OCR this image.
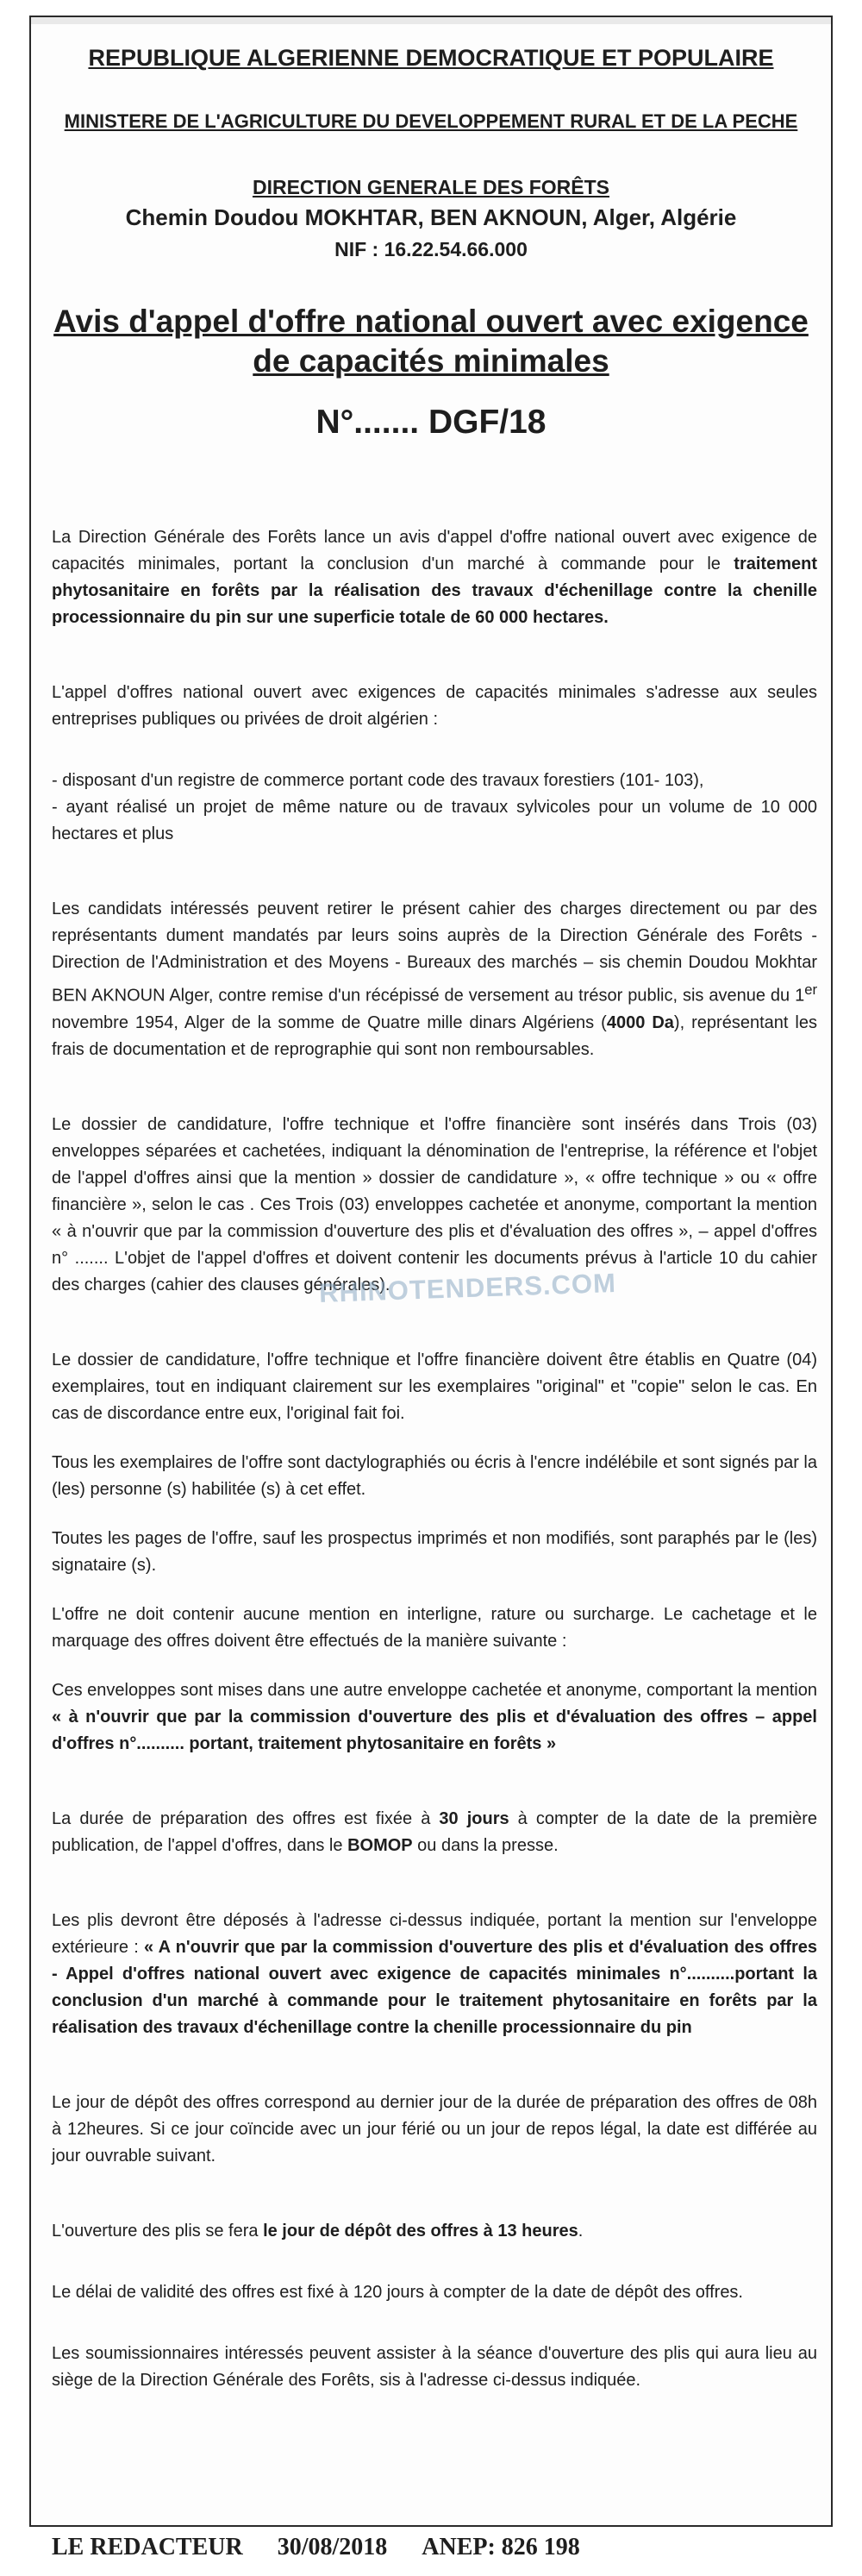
REPUBLIQUE ALGERIENNE DEMOCRATIQUE ET POPULAIRE
MINISTERE DE L'AGRICULTURE DU DEVELOPPEMENT RURAL ET DE LA PECHE
DIRECTION GENERALE DES FORÊTS
Chemin Doudou MOKHTAR, BEN AKNOUN, Alger, Algérie
NIF : 16.22.54.66.000
Avis d'appel d'offre national ouvert avec exigence
de capacités minimales
N°....... DGF/18

La Direction Générale des Forêts lance un avis d'appel d'offre national ouvert avec exigence de capacités minimales, portant la conclusion d'un marché à commande pour le traitement phytosanitaire en forêts par la réalisation des travaux d'échenillage contre la chenille processionnaire du pin sur une superficie totale de 60 000 hectares.

L'appel d'offres national ouvert avec exigences de capacités minimales s'adresse aux seules entreprises publiques ou privées de droit algérien :

- disposant d'un registre de commerce portant code des travaux forestiers (101- 103),

- ayant réalisé un projet de même nature ou de travaux sylvicoles pour un volume de 10 000 hectares et plus

Les candidats intéressés peuvent retirer le présent cahier des charges directement ou par des représentants dument mandatés par leurs soins auprès de la Direction Générale des Forêts - Direction de l'Administration et des Moyens - Bureaux des marchés – sis chemin Doudou Mokhtar BEN AKNOUN Alger, contre remise d'un récépissé de versement au trésor public, sis avenue du 1er novembre 1954, Alger de la somme de Quatre mille dinars Algériens (4000 Da), représentant les frais de documentation et de reprographie qui sont non remboursables.

Le dossier de candidature, l'offre technique et l'offre financière sont insérés dans Trois (03) enveloppes séparées et cachetées, indiquant la dénomination de l'entreprise, la référence et l'objet de l'appel d'offres ainsi que la mention » dossier de candidature », « offre technique » ou « offre financière », selon le cas . Ces Trois (03) enveloppes cachetée et anonyme, comportant la mention « à n'ouvrir que par la commission d'ouverture des plis et d'évaluation des offres », – appel d'offres n° ....... L'objet de l'appel d'offres et doivent contenir les documents prévus à l'article 10 du cahier des charges (cahier des clauses générales).

Le dossier de candidature, l'offre technique et l'offre financière doivent être établis en Quatre (04) exemplaires, tout en indiquant clairement sur les exemplaires "original" et "copie" selon le cas. En cas de discordance entre eux, l'original fait foi.

Tous les exemplaires de l'offre sont dactylographiés ou écris à l'encre indélébile et sont signés par la (les) personne (s) habilitée (s) à cet effet.

Toutes les pages de l'offre, sauf les prospectus imprimés et non modifiés, sont paraphés par le (les) signataire (s).

L'offre ne doit contenir aucune mention en interligne, rature ou surcharge. Le cachetage et le marquage des offres doivent être effectués de la manière suivante :

Ces enveloppes sont mises dans une autre enveloppe cachetée et anonyme, comportant la mention « à n'ouvrir que par la commission d'ouverture des plis et d'évaluation des offres – appel d'offres n°.......... portant, traitement phytosanitaire en forêts »

La durée de préparation des offres est fixée à 30 jours à compter de la date de la première publication, de l'appel d'offres, dans le BOMOP ou dans la presse.

Les plis devront être déposés à l'adresse ci-dessus indiquée, portant la mention sur l'enveloppe extérieure : « A n'ouvrir que par la commission d'ouverture des plis et d'évaluation des offres - Appel d'offres national ouvert avec exigence de capacités minimales n°..........portant la conclusion d'un marché à commande pour le traitement phytosanitaire en forêts par la réalisation des travaux d'échenillage contre la chenille processionnaire du pin

Le jour de dépôt des offres correspond au dernier jour de la durée de préparation des offres de 08h à 12heures. Si ce jour coïncide avec un jour férié ou un jour de repos légal, la date est différée au jour ouvrable suivant.

L'ouverture des plis se fera le jour de dépôt des offres à 13 heures.

Le délai de validité des offres est fixé à 120 jours à compter de la date de dépôt des offres.

Les soumissionnaires intéressés peuvent assister à la séance d'ouverture des plis qui aura lieu au siège de la Direction Générale des Forêts, sis à l'adresse ci-dessus indiquée.

RHINOTENDERS.COM
LE REDACTEUR 30/08/2018 ANEP: 826 198
